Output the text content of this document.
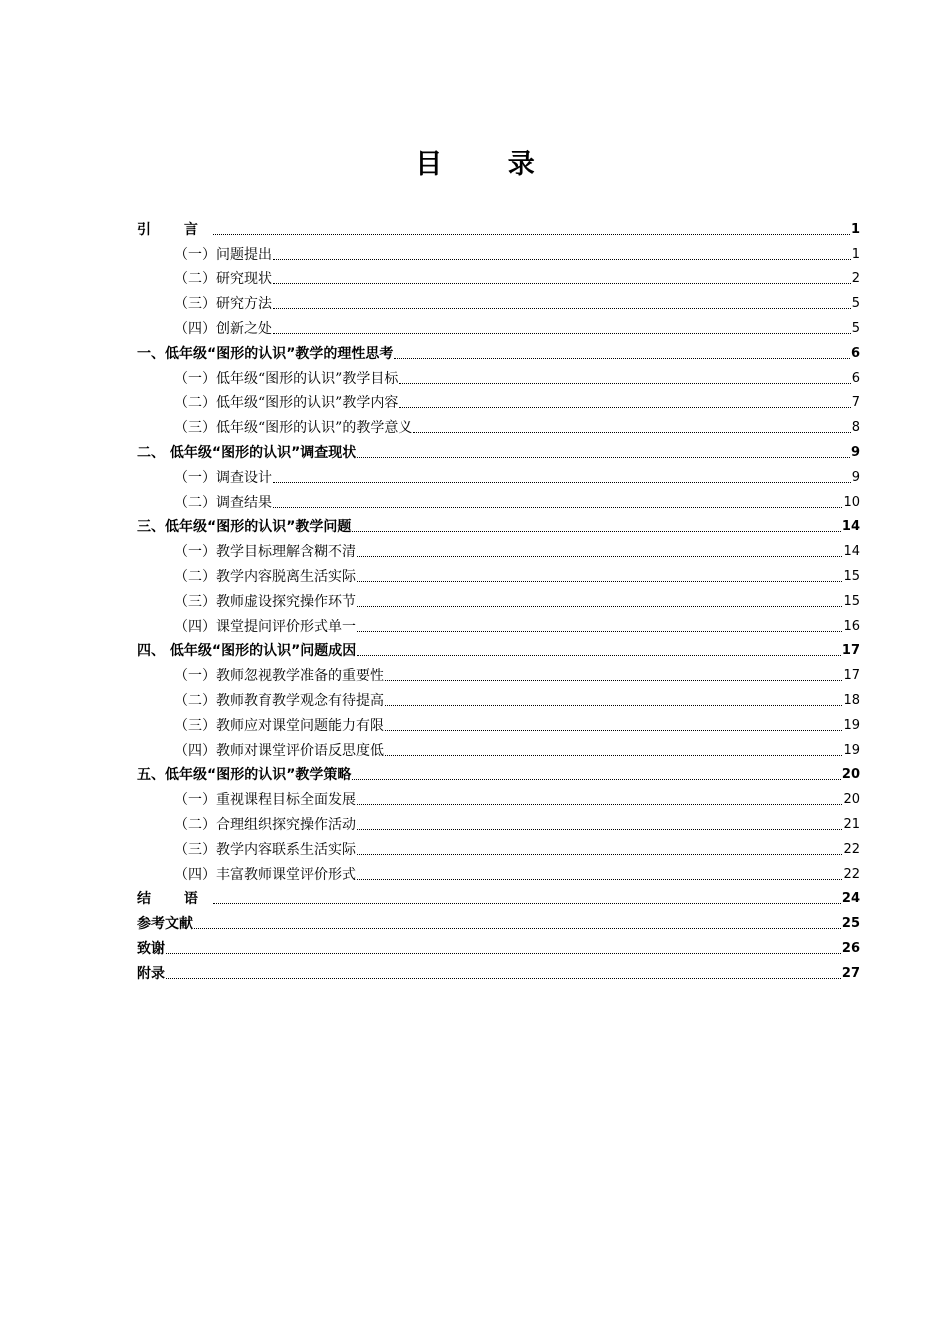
目 录
引 言	1
（一）问题提出	1
（二）研究现状	2
（三）研究方法	5
（四）创新之处	5
一、低年级“图形的认识”教学的理性思考	6
（一）低年级“图形的认识”教学目标	6
（二）低年级“图形的认识”教学内容	7
（三）低年级“图形的认识”的教学意义	8
二、 低年级“图形的认识”调查现状	9
（一）调查设计	9
（二）调查结果	10
三、低年级“图形的认识”教学问题	14
（一）教学目标理解含糊不清	14
（二）教学内容脱离生活实际	15
（三）教师虚设探究操作环节	15
（四）课堂提问评价形式单一	16
四、 低年级“图形的认识”问题成因	17
（一）教师忽视教学准备的重要性	17
（二）教师教育教学观念有待提高	18
（三）教师应对课堂问题能力有限	19
（四）教师对课堂评价语反思度低	19
五、低年级“图形的认识”教学策略	20
（一）重视课程目标全面发展	20
（二）合理组织探究操作活动	21
（三）教学内容联系生活实际	22
（四）丰富教师课堂评价形式	22
结 语	24
参考文献	25
致谢	26
附录	27
